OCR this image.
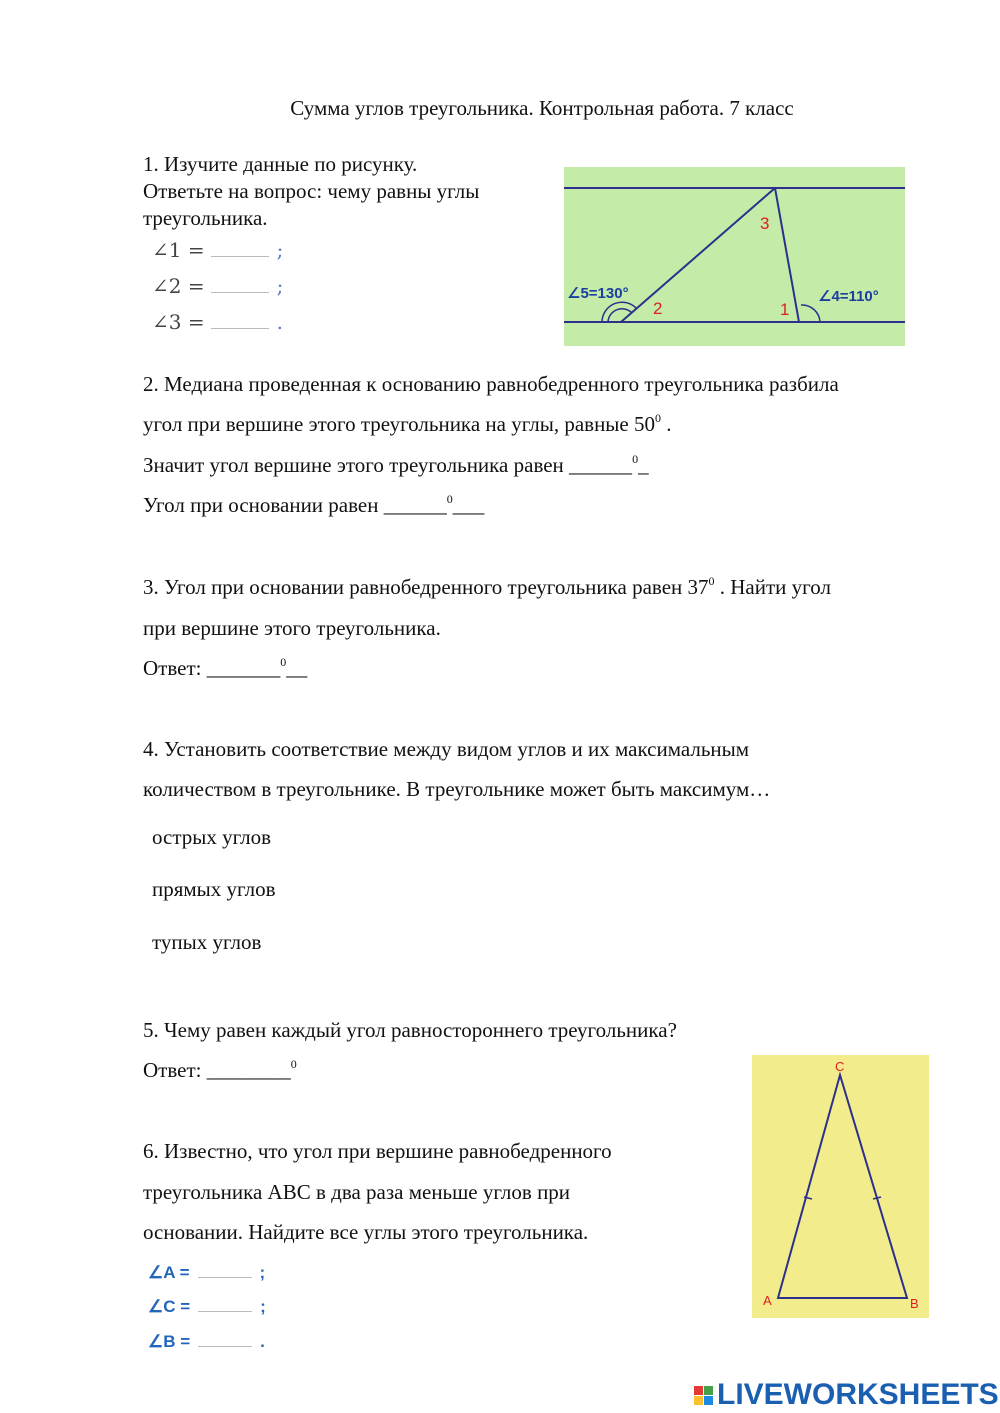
Сумма углов треугольника. Контрольная работа. 7 класс
1. Изучите данные по рисунку.
Ответьте на вопрос: чему равны углы
треугольника.
∠1 =	;
∠2 =	;
∠3 =	.
3
2	1
∠5=130°	∠4=110°
2. Медиана проведенная к основанию равнобедренного треугольника разбила
угол при вершине этого треугольника на углы, равные $50^0$ .
Значит угол вершине этого треугольника равен ______$^0$_
Угол при основании равен ______$^0$___
3. Угол при основании равнобедренного треугольника равен $37^0$ . Найти угол
при вершине этого треугольника.
Ответ: _______$^0$__
4. Установить соответствие между видом углов и их максимальным
количеством в треугольнике. В треугольнике может быть максимум…
острых углов
прямых углов
тупых углов
5. Чему равен каждый угол равностороннего треугольника?
Ответ: ________$^0$
6. Известно, что угол при вершине равнобедренного
треугольника ABC в два раза меньше углов при
основании. Найдите все углы этого треугольника.
∠A =	;
∠C =	;
∠B =	.
C
A	B
LIVEWORKSHEETS
